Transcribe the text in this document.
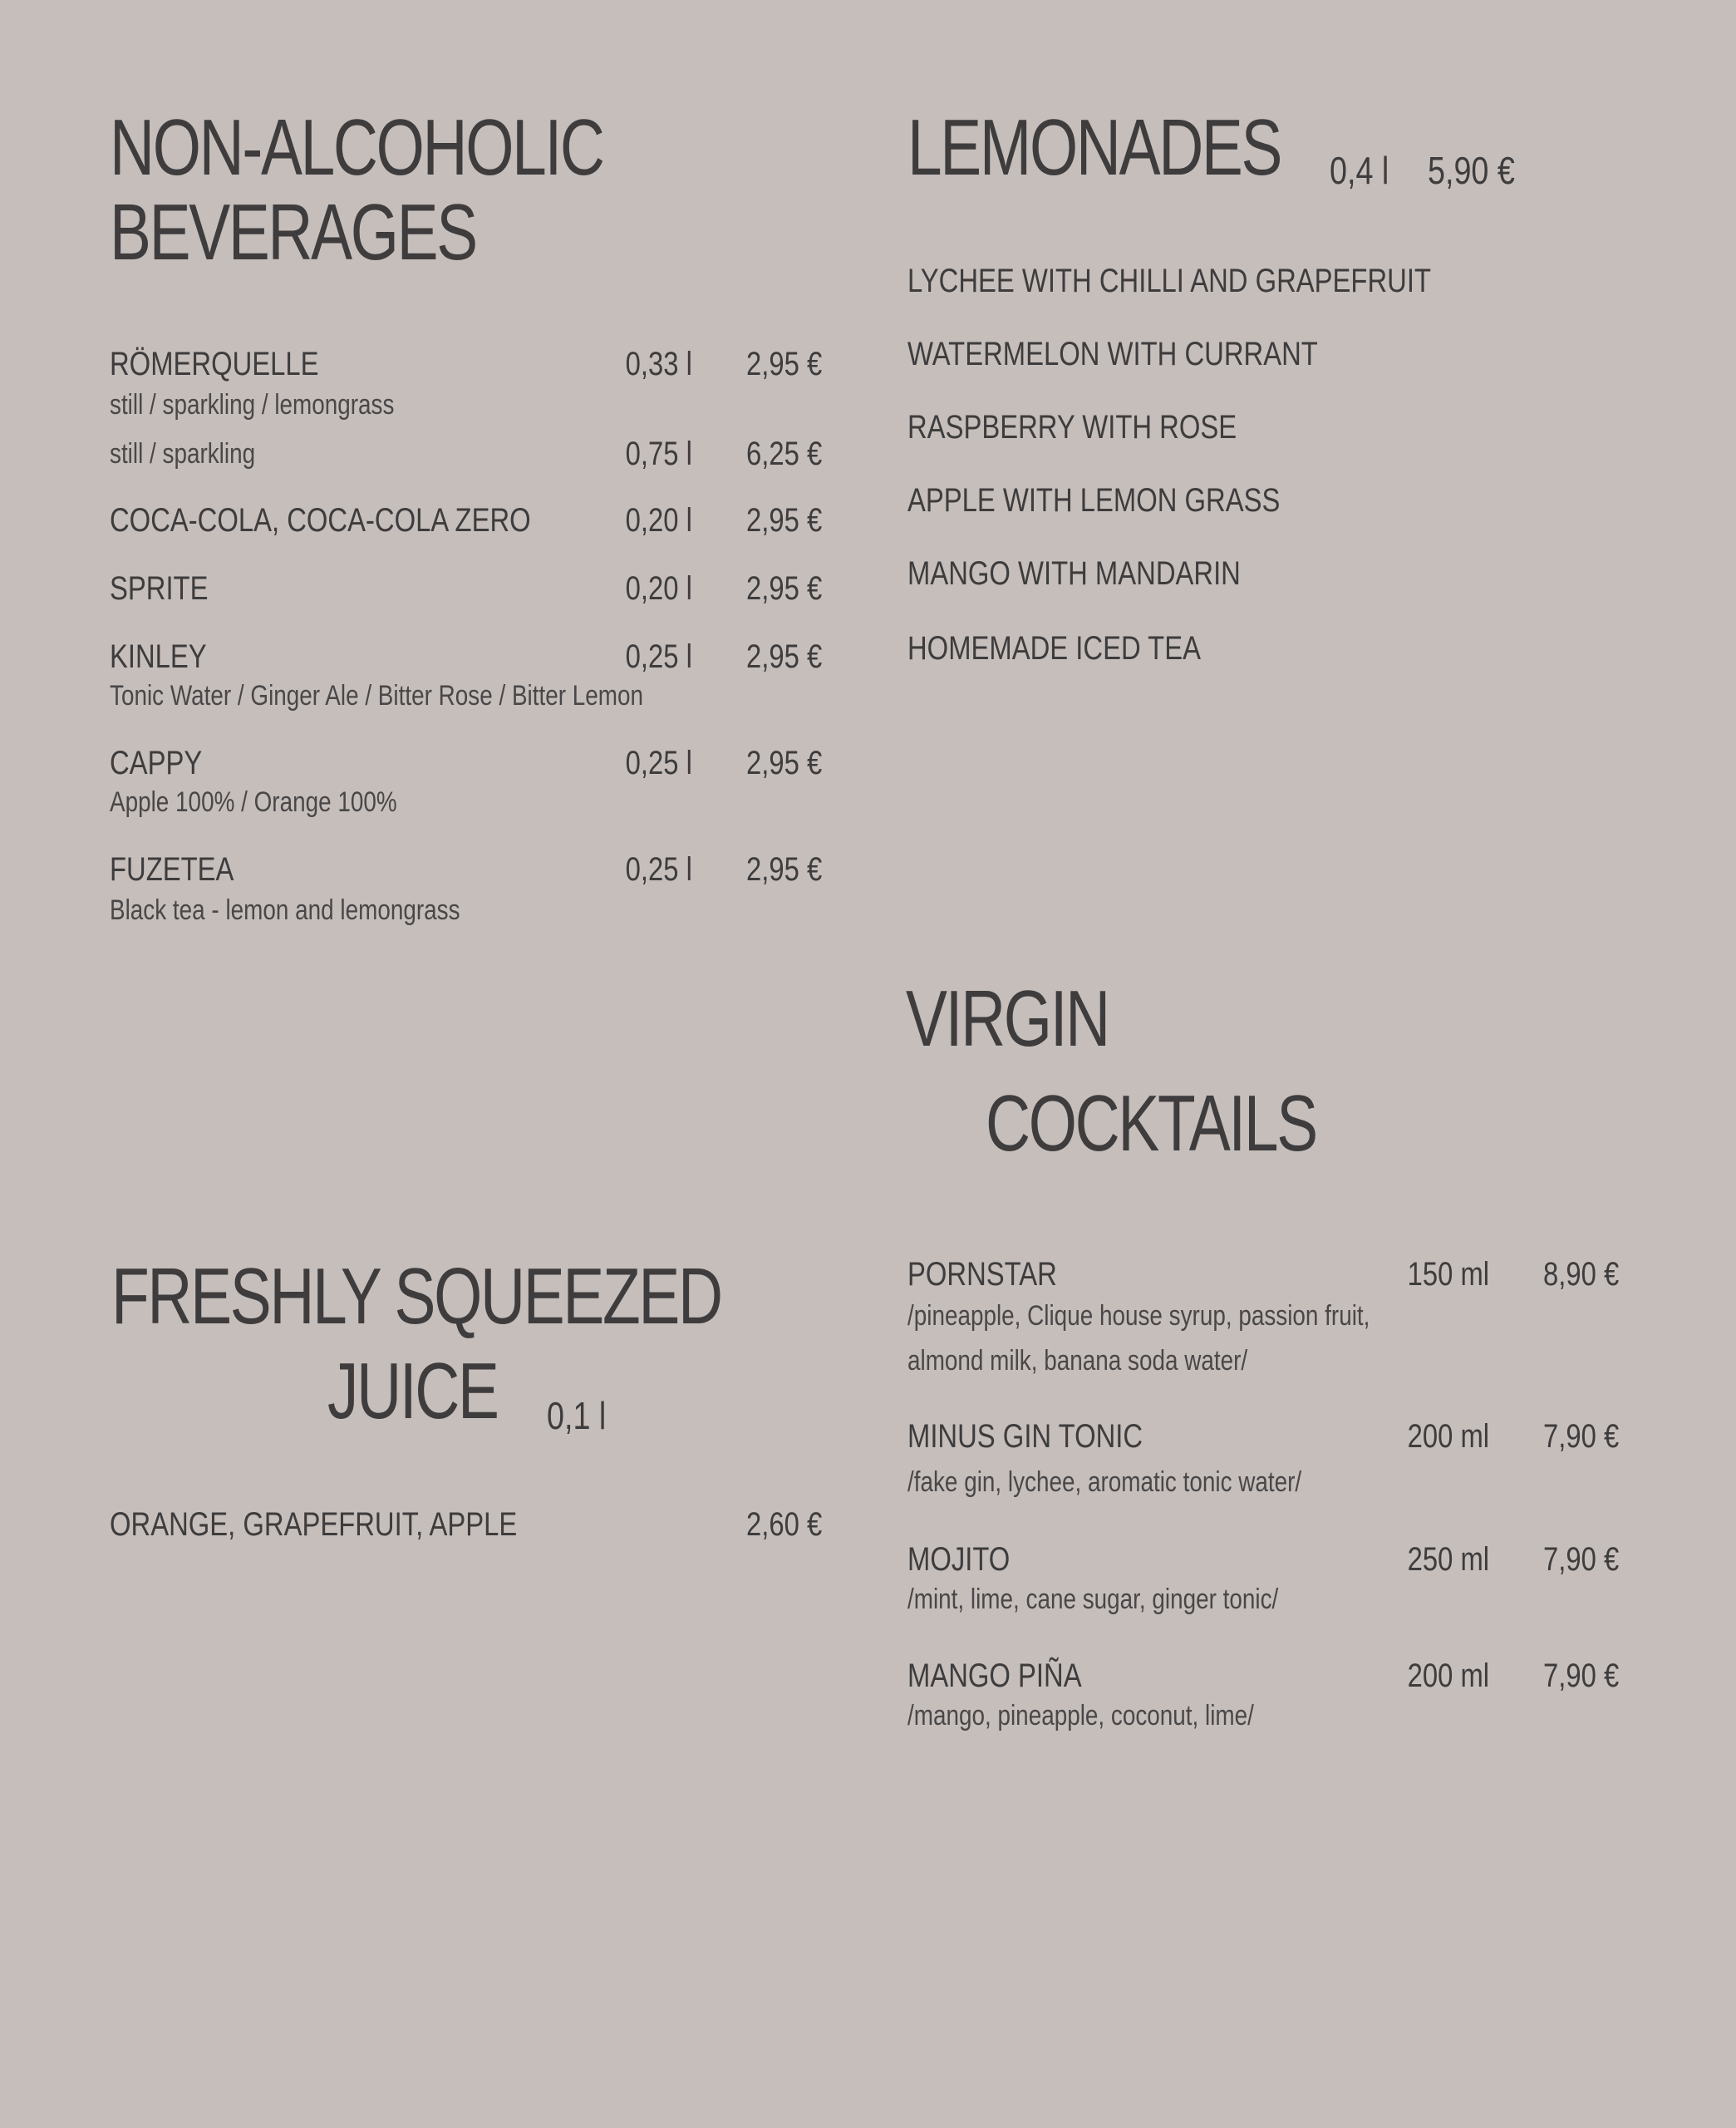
NON-ALCOHOLIC
BEVERAGES
RÖMERQUELLE	0,33 l 2,95 €
still / sparkling / lemongrass
still / sparkling	0,75 l 6,25 €
COCA-COLA, COCA-COLA ZERO	0,20 l 2,95 €
SPRITE	0,20 l 2,95 €
KINLEY	0,25 l 2,95 €
Tonic Water / Ginger Ale / Bitter Rose / Bitter Lemon
CAPPY	0,25 l 2,95 €
Apple 100% / Orange 100%
FUZETEA	0,25 l 2,95 €
Black tea - lemon and lemongrass
LEMONADES 0,4 l 5,90 €
LYCHEE WITH CHILLI AND GRAPEFRUIT
WATERMELON WITH CURRANT
RASPBERRY WITH ROSE
APPLE WITH LEMON GRASS
MANGO WITH MANDARIN
HOMEMADE ICED TEA
VIRGIN
COCKTAILS
PORNSTAR	150 ml 8,90 €
/pineapple, Clique house syrup, passion fruit,
almond milk, banana soda water/
MINUS GIN TONIC	200 ml 7,90 €
/fake gin, lychee, aromatic tonic water/
MOJITO	250 ml 7,90 €
/mint, lime, cane sugar, ginger tonic/
MANGO PIÑA	200 ml 7,90 €
/mango, pineapple, coconut, lime/
FRESHLY SQUEEZED
JUICE 0,1 l
ORANGE, GRAPEFRUIT, APPLE	2,60 €
